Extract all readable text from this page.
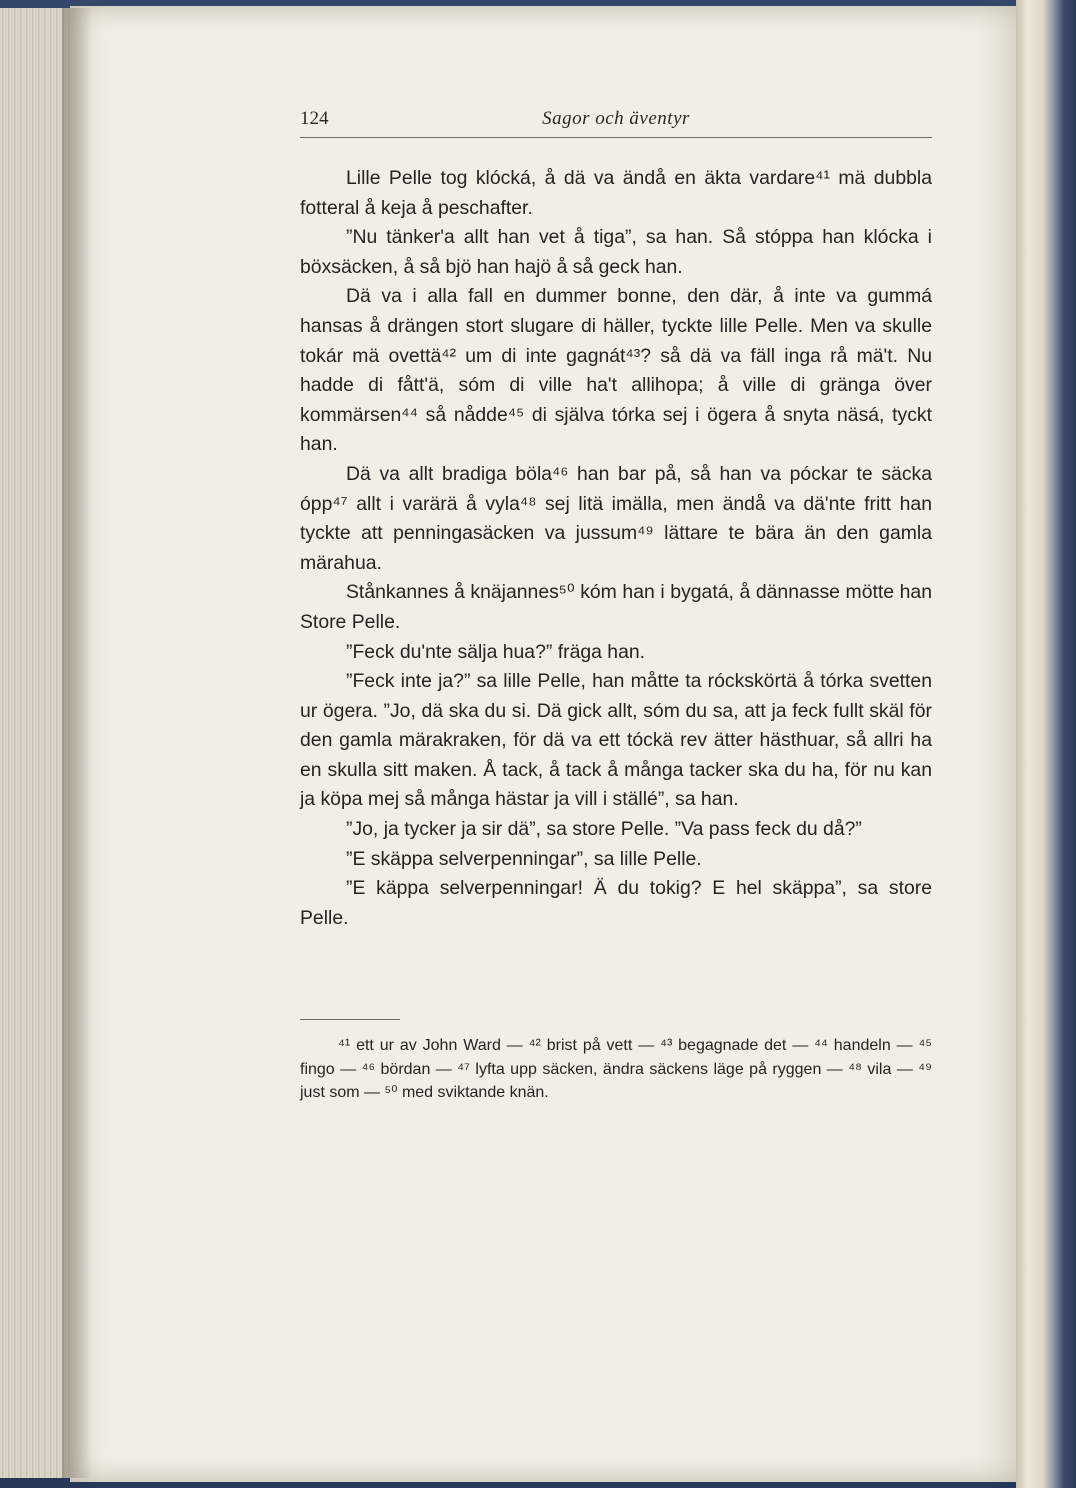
124	Sagor och äventyr

Lille Pelle tog klócká, å dä va ändå en äkta vardare⁴¹ mä dubbla fotteral å keja å peschafter.

”Nu tänker'a allt han vet å tiga”, sa han. Så stóppa han klócka i böxsäcken, å så bjö han hajö å så geck han.

Dä va i alla fall en dummer bonne, den där, å inte va gummá hansas å drängen stort slugare di häller, tyckte lille Pelle. Men va skulle tokár mä ovettä⁴² um di inte gagnát⁴³? så dä va fäll inga rå mä't. Nu hadde di fått'ä, sóm di ville ha't allihopa; å ville di gränga över kommärsen⁴⁴ så nådde⁴⁵ di själva tórka sej i ögera å snyta näsá, tyckt han.

Dä va allt bradiga böla⁴⁶ han bar på, så han va póckar te säcka ópp⁴⁷ allt i varärä å vyla⁴⁸ sej litä imälla, men ändå va dä'nte fritt han tyckte att penningasäcken va jussum⁴⁹ lättare te bära än den gamla märahua.

Stånkannes å knäjannes⁵⁰ kóm han i bygatá, å dännasse mötte han Store Pelle.

”Feck du'nte sälja hua?” fräga han.

”Feck inte ja?” sa lille Pelle, han måtte ta róckskörtä å tórka svetten ur ögera. ”Jo, dä ska du si. Dä gick allt, sóm du sa, att ja feck fullt skäl för den gamla märakraken, för dä va ett tóckä rev ätter hästhuar, så allri ha en skulla sitt maken. Å tack, å tack å många tacker ska du ha, för nu kan ja köpa mej så många hästar ja vill i ställé”, sa han.

”Jo, ja tycker ja sir dä”, sa store Pelle. ”Va pass feck du då?”

”E skäppa selverpenningar”, sa lille Pelle.

”E käppa selverpenningar! Ä du tokig? E hel skäppa”, sa store Pelle.

⁴¹ ett ur av John Ward — ⁴² brist på vett — ⁴³ begagnade det — ⁴⁴ handeln — ⁴⁵ fingo — ⁴⁶ bördan — ⁴⁷ lyfta upp säcken, ändra säckens läge på ryggen — ⁴⁸ vila — ⁴⁹ just som — ⁵⁰ med sviktande knän.
